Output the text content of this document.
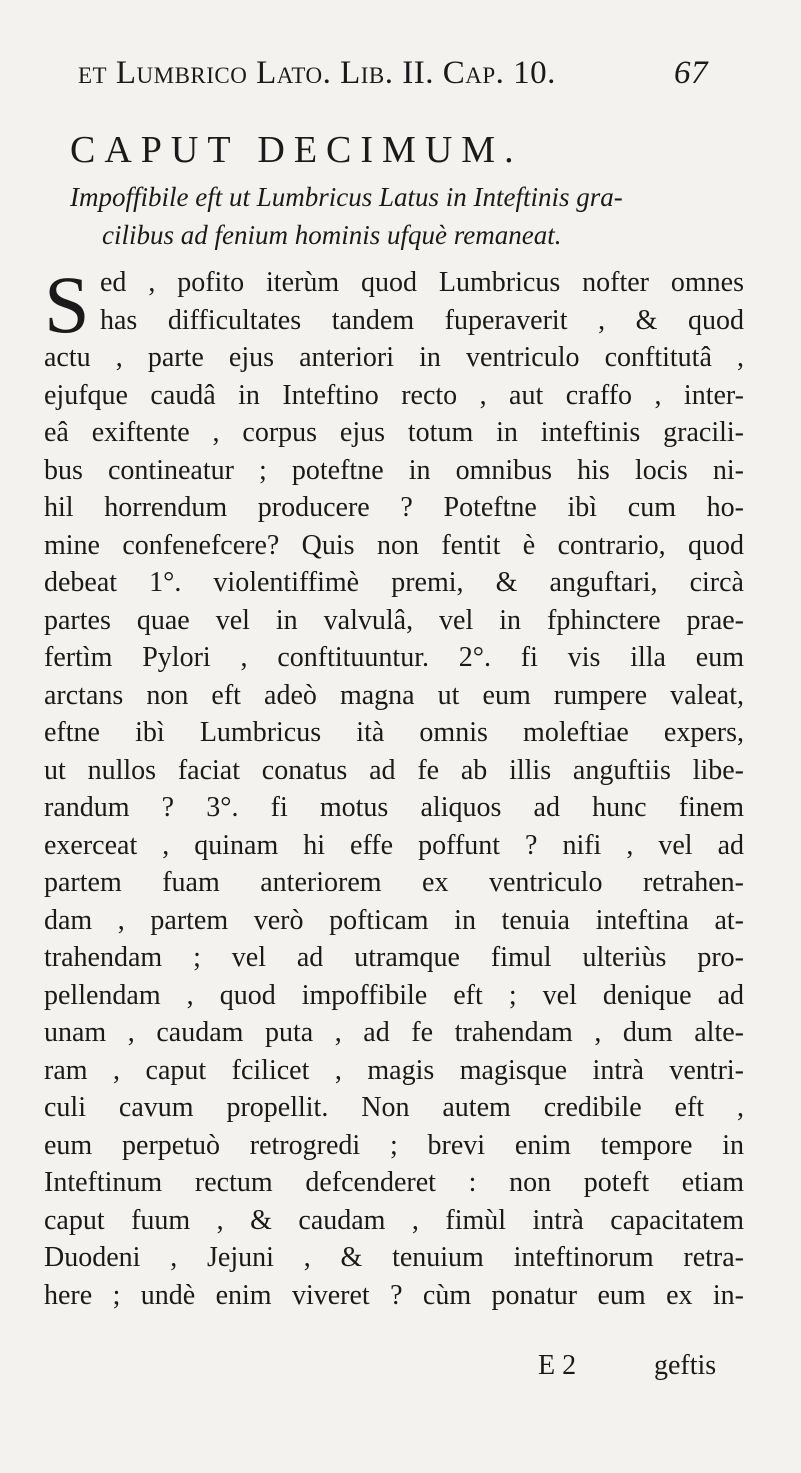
et Lumbrico Lato. Lib. II. Cap. 10.	67
CAPUT DECIMUM.
Impoffibile eft ut Lumbricus Latus in Inteftinis gra-
cilibus ad fenium hominis ufquè remaneat.
S ed , pofito iterùm quod Lumbricus nofter omnes
has difficultates tandem fuperaverit , & quod
actu , parte ejus anteriori in ventriculo conftitutâ ,
ejufque caudâ in Inteftino recto , aut craffo , inter-
eâ exiftente , corpus ejus totum in inteftinis gracili-
bus contineatur ; poteftne in omnibus his locis ni-
hil horrendum producere ? Poteftne ibì cum ho-
mine confenefcere? Quis non fentit è contrario, quod
debeat 1°. violentiffimè premi, & anguftari, circà
partes quae vel in valvulâ, vel in fphinctere prae-
fertìm Pylori , conftituuntur. 2°. fi vis illa eum
arctans non eft adeò magna ut eum rumpere valeat,
eftne ibì Lumbricus ità omnis moleftiae expers,
ut nullos faciat conatus ad fe ab illis anguftiis libe-
randum ? 3°. fi motus aliquos ad hunc finem
exerceat , quinam hi effe poffunt ? nifi , vel ad
partem fuam anteriorem ex ventriculo retrahen-
dam , partem verò pofticam in tenuia inteftina at-
trahendam ; vel ad utramque fimul ulteriùs pro-
pellendam , quod impoffibile eft ; vel denique ad
unam , caudam puta , ad fe trahendam , dum alte-
ram , caput fcilicet , magis magisque intrà ventri-
culi cavum propellit. Non autem credibile eft ,
eum perpetuò retrogredi ; brevi enim tempore in
Inteftinum rectum defcenderet : non poteft etiam
caput fuum , & caudam , fimùl intrà capacitatem
Duodeni , Jejuni , & tenuium inteftinorum retra-
here ; undè enim viveret ? cùm ponatur eum ex in-
E 2	geftis
